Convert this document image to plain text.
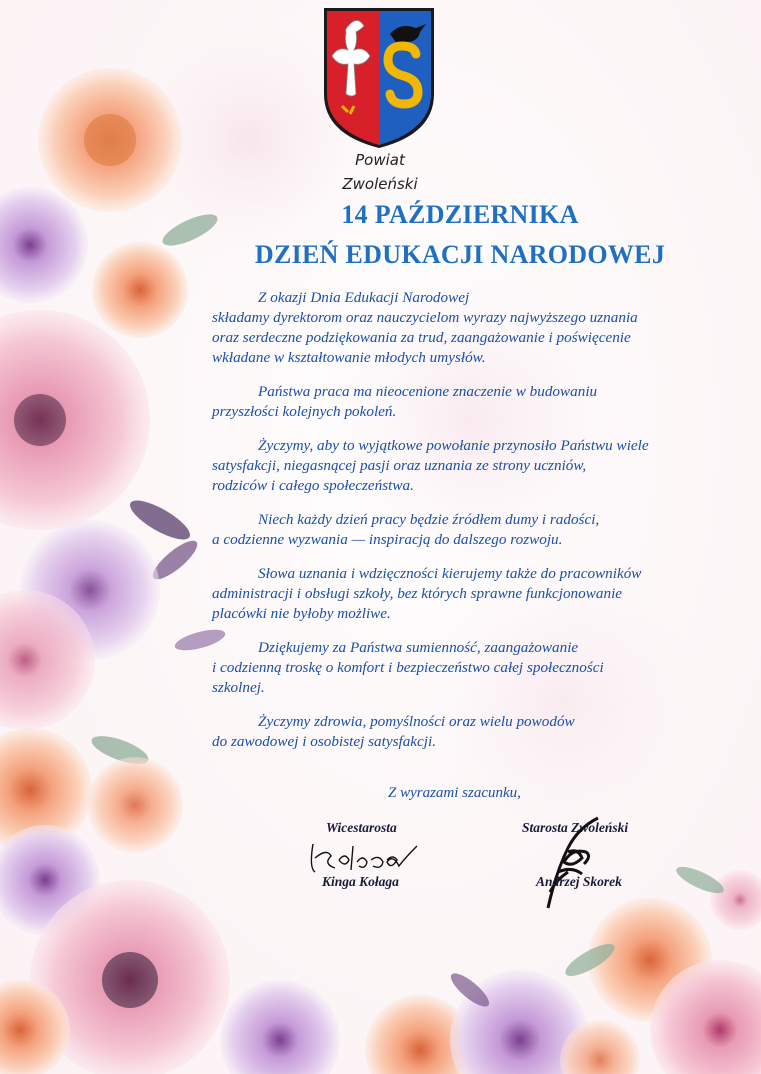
Powiat
Zwoleński
14 PAŹDZIERNIKA
DZIEŃ EDUKACJI NARODOWEJ

Z okazji Dnia Edukacji Narodowej
składamy dyrektorom oraz nauczycielom wyrazy najwyższego uznania
oraz serdeczne podziękowania za trud, zaangażowanie i poświęcenie
wkładane w kształtowanie młodych umysłów.

Państwa praca ma nieocenione znaczenie w budowaniu
przyszłości kolejnych pokoleń.

Życzymy, aby to wyjątkowe powołanie przynosiło Państwu wiele
satysfakcji, niegasnącej pasji oraz uznania ze strony uczniów,
rodziców i całego społeczeństwa.

Niech każdy dzień pracy będzie źródłem dumy i radości,
a codzienne wyzwania — inspiracją do dalszego rozwoju.

Słowa uznania i wdzięczności kierujemy także do pracowników
administracji i obsługi szkoły, bez których sprawne funkcjonowanie
placówki nie byłoby możliwe.

Dziękujemy za Państwa sumienność, zaangażowanie
i codzienną troskę o komfort i bezpieczeństwo całej społeczności
szkolnej.

Życzymy zdrowia, pomyślności oraz wielu powodów
do zawodowej i osobistej satysfakcji.

Z wyrazami szacunku,
Wicestarosta
Kinga Kołaga
Starosta Zwoleński
Andrzej Skorek
